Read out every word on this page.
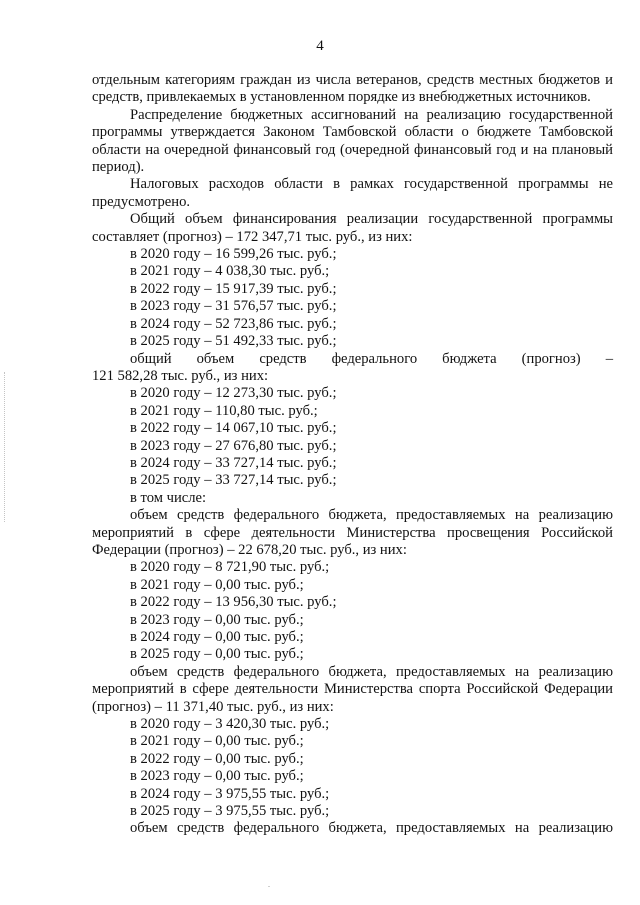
4

отдельным категориям граждан из числа ветеранов, средств местных бюджетов и средств, привлекаемых в установленном порядке из внебюджетных источников.

Распределение бюджетных ассигнований на реализацию государственной программы утверждается Законом Тамбовской области о бюджете Тамбовской области на очередной финансовый год (очередной финансовый год и на плановый период).

Налоговых расходов области в рамках государственной программы не предусмотрено.

Общий объем финансирования реализации государственной программы составляет (прогноз) – 172 347,71 тыс. руб., из них:

в 2020 году – 16 599,26 тыс. руб.;

в 2021 году – 4 038,30 тыс. руб.;

в 2022 году – 15 917,39 тыс. руб.;

в 2023 году – 31 576,57 тыс. руб.;

в 2024 году – 52 723,86 тыс. руб.;

в 2025 году – 51 492,33 тыс. руб.;

общий объем средств федерального бюджета (прогноз) –

121 582,28 тыс. руб., из них:

в 2020 году – 12 273,30 тыс. руб.;

в 2021 году – 110,80 тыс. руб.;

в 2022 году – 14 067,10 тыс. руб.;

в 2023 году – 27 676,80 тыс. руб.;

в 2024 году – 33 727,14 тыс. руб.;

в 2025 году – 33 727,14 тыс. руб.;

в том числе:

объем средств федерального бюджета, предоставляемых на реализацию мероприятий в сфере деятельности Министерства просвещения Российской Федерации (прогноз) – 22 678,20 тыс. руб., из них:

в 2020 году – 8 721,90 тыс. руб.;

в 2021 году – 0,00 тыс. руб.;

в 2022 году – 13 956,30 тыс. руб.;

в 2023 году – 0,00 тыс. руб.;

в 2024 году – 0,00 тыс. руб.;

в 2025 году – 0,00 тыс. руб.;

объем средств федерального бюджета, предоставляемых на реализацию мероприятий в сфере деятельности Министерства спорта Российской Федерации (прогноз) – 11 371,40 тыс. руб., из них:

в 2020 году – 3 420,30 тыс. руб.;

в 2021 году – 0,00 тыс. руб.;

в 2022 году – 0,00 тыс. руб.;

в 2023 году – 0,00 тыс. руб.;

в 2024 году – 3 975,55 тыс. руб.;

в 2025 году – 3 975,55 тыс. руб.;

объем средств федерального бюджета, предоставляемых на реализацию
